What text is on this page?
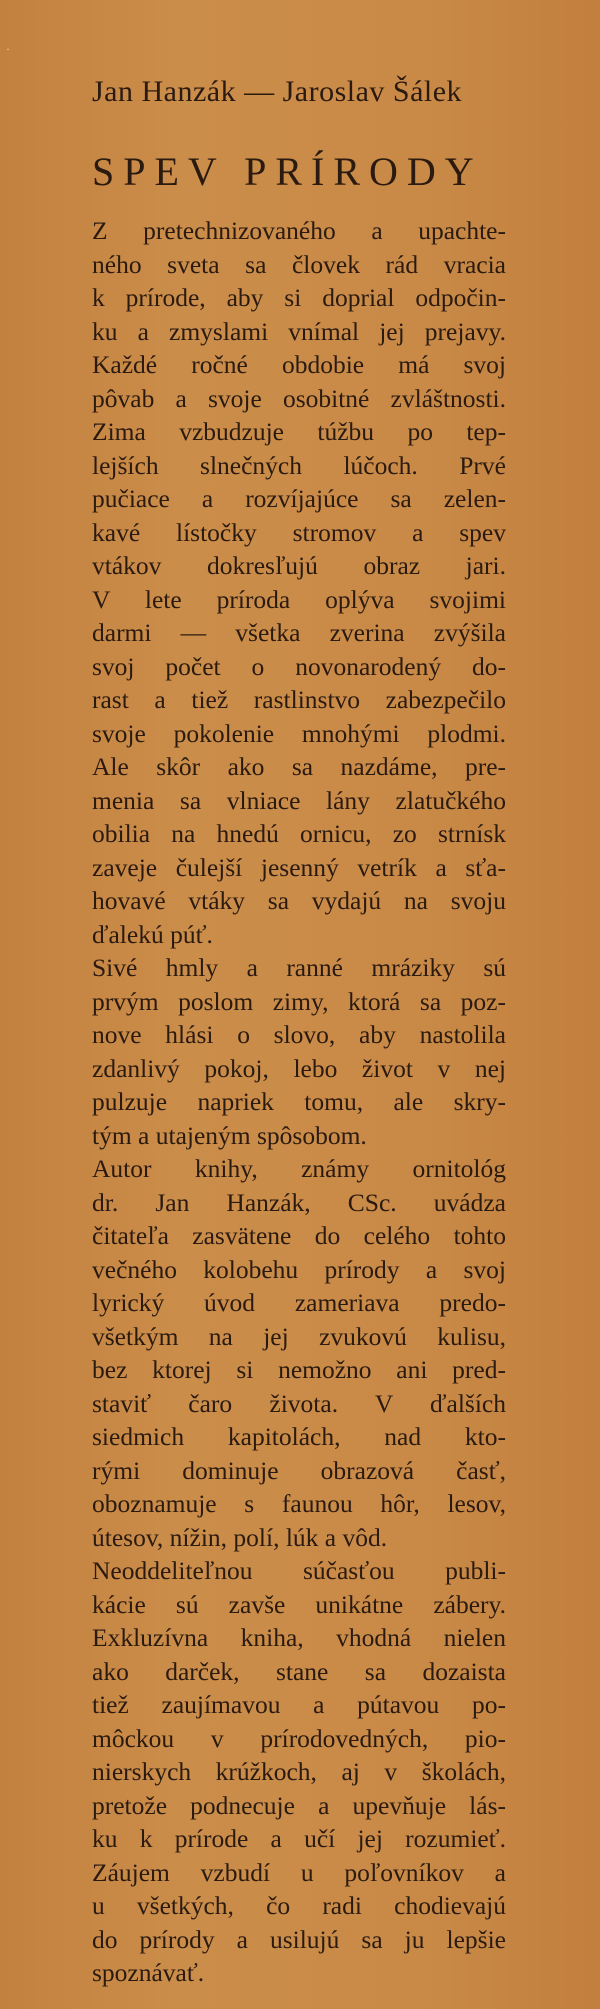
·
Jan Hanzák — Jaroslav Šálek
SPEV PRÍRODY

Z pretechnizovaného a upachte-
ného sveta sa človek rád vracia
k prírode, aby si doprial odpočin-
ku a zmyslami vnímal jej prejavy.
Každé ročné obdobie má svoj
pôvab a svoje osobitné zvláštnosti.
Zima vzbudzuje túžbu po tep-
lejších slnečných lúčoch. Prvé
pučiace a rozvíjajúce sa zelen-
kavé lístočky stromov a spev
vtákov dokresľujú obraz jari.
V lete príroda oplýva svojimi
darmi — všetka zverina zvýšila
svoj počet o novonarodený do-
rast a tiež rastlinstvo zabezpečilo
svoje pokolenie mnohými plodmi.
Ale skôr ako sa nazdáme, pre-
menia sa vlniace lány zlatučkého
obilia na hnedú ornicu, zo strnísk
zaveje čulejší jesenný vetrík a sťa-
hovavé vtáky sa vydajú na svoju
ďalekú púť.

Sivé hmly a ranné mráziky sú
prvým poslom zimy, ktorá sa poz-
nove hlási o slovo, aby nastolila
zdanlivý pokoj, lebo život v nej
pulzuje napriek tomu, ale skry-
tým a utajeným spôsobom.

Autor knihy, známy ornitológ
dr. Jan Hanzák, CSc. uvádza
čitateľa zasvätene do celého tohto
večného kolobehu prírody a svoj
lyrický úvod zameriava predo-
všetkým na jej zvukovú kulisu,
bez ktorej si nemožno ani pred-
staviť čaro života. V ďalších
siedmich kapitolách, nad kto-
rými dominuje obrazová časť,
oboznamuje s faunou hôr, lesov,
útesov, nížin, polí, lúk a vôd.

Neoddeliteľnou súčasťou publi-
kácie sú zavše unikátne zábery.
Exkluzívna kniha, vhodná nielen
ako darček, stane sa dozaista
tiež zaujímavou a pútavou po-
môckou v prírodovedných, pio-
nierskych krúžkoch, aj v školách,
pretože podnecuje a upevňuje lás-
ku k prírode a učí jej rozumieť.
Záujem vzbudí u poľovníkov a
u všetkých, čo radi chodievajú
do prírody a usilujú sa ju lepšie
spoznávať.
